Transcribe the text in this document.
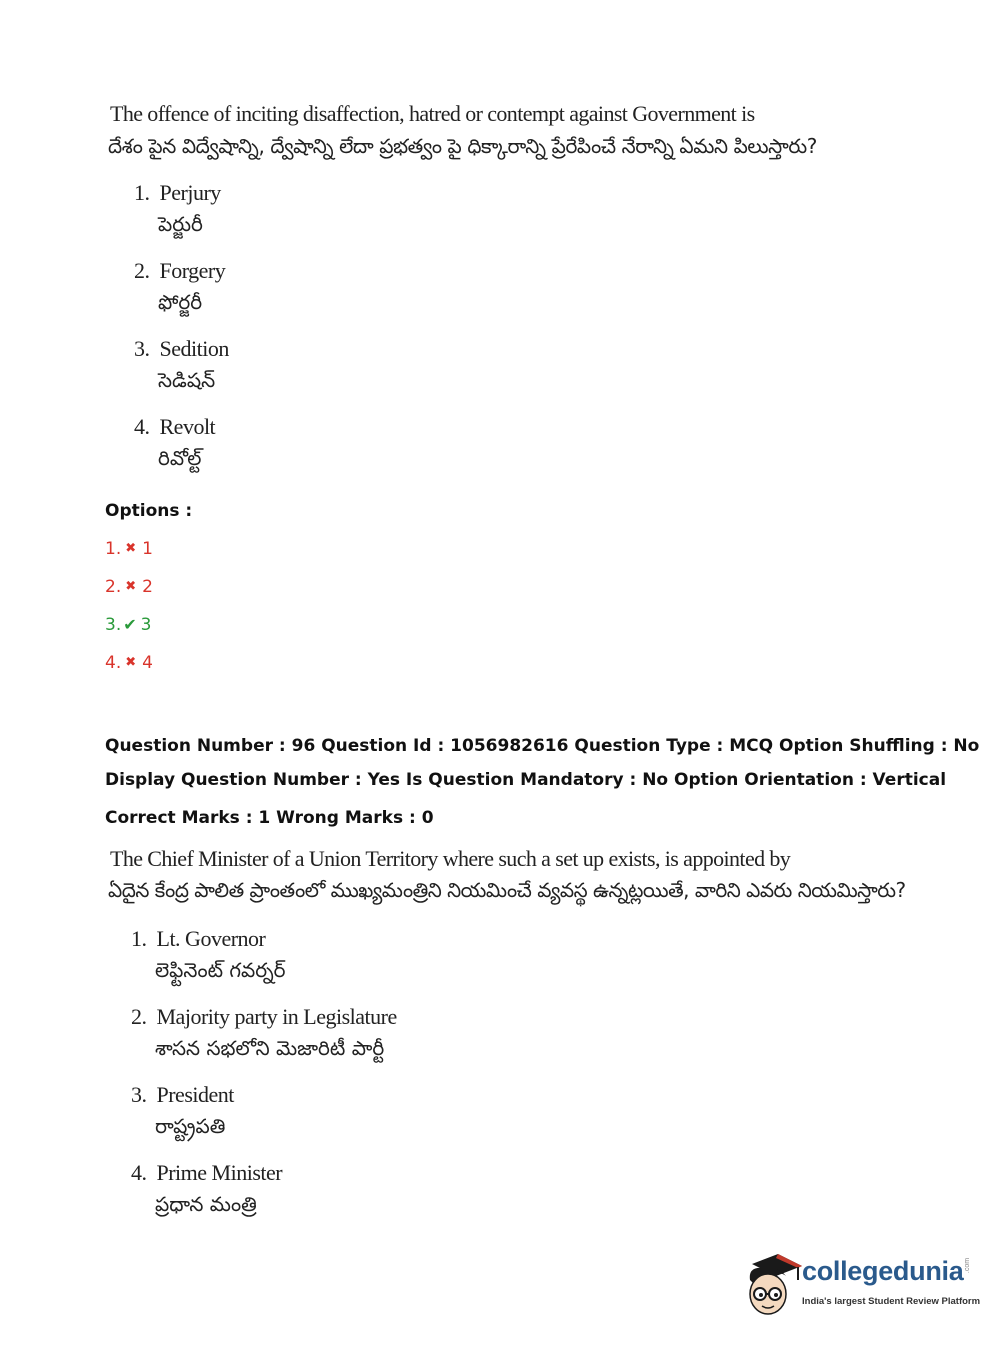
The offence of inciting disaffection, hatred or contempt against Government is
దేశం పైన విద్వేషాన్ని, ద్వేషాన్ని లేదా ప్రభత్వం పై ధిక్కారాన్ని ప్రేరేపించే నేరాన్ని ఏమని పిలుస్తారు?
1. Perjury
పెర్జురీ
2. Forgery
ఫోర్జరీ
3. Sedition
సెడిషన్
4. Revolt
రివోల్ట్
Options :
1. ✖ 1
2. ✖ 2
3. ✔ 3
4. ✖ 4
Question Number : 96 Question Id : 1056982616 Question Type : MCQ Option Shuffling : No
Display Question Number : Yes Is Question Mandatory : No Option Orientation : Vertical
Correct Marks : 1 Wrong Marks : 0
The Chief Minister of a Union Territory where such a set up exists, is appointed by
ఏదైన కేంద్ర పాలిత ప్రాంతంలో ముఖ్యమంత్రిని నియమించే వ్యవస్థ ఉన్నట్లయితే, వారిని ఎవరు నియమిస్తారు?
1. Lt. Governor
లెఫ్టినెంట్ గవర్నర్
2. Majority party in Legislature
శాసన సభలోని మెజారిటీ పార్టీ
3. President
రాష్ట్రపతి
4. Prime Minister
ప్రధాన మంత్రి
collegedunia .com
India's largest Student Review Platform
